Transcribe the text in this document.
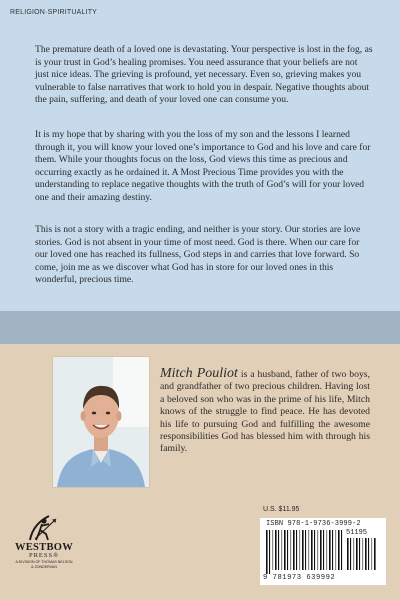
RELIGION·SPIRITUALITY

The premature death of a loved one is devastating. Your perspective is lost in the fog, as is your trust in God’s healing promises. You need assurance that your beliefs are not just nice ideas. The grieving is profound, yet necessary. Even so, grieving makes you vulnerable to false narratives that work to hold you in despair. Negative thoughts about the pain, suffering, and death of your loved one can consume you.

It is my hope that by sharing with you the loss of my son and the lessons I learned through it, you will know your loved one’s importance to God and his love and care for them. While your thoughts focus on the loss, God views this time as precious and occurring exactly as he ordained it. A Most Precious Time provides you with the understanding to replace negative thoughts with the truth of God’s will for your loved one and their amazing destiny.

This is not a story with a tragic ending, and neither is your story. Our stories are love stories. God is not absent in your time of most need. God is there. When our care for our loved one has reached its fullness, God steps in and carries that love forward. So come, join me as we discover what God has in store for our loved ones in this wonderful, precious time.

Mitch Pouliot is a husband, father of two boys, and grandfather of two precious children. Having lost a beloved son who was in the prime of his life, Mitch knows of the struggle to find peace. He has devoted his life to pursuing God and fulfilling the awesome responsibilities God has blessed him with through his family.

WESTBOW
PRESS®
A DIVISION OF THOMAS NELSON
& ZONDERVAN
U.S. $11.95
ISBN 978-1-9736-3999-2
51195
9 781973 639992
